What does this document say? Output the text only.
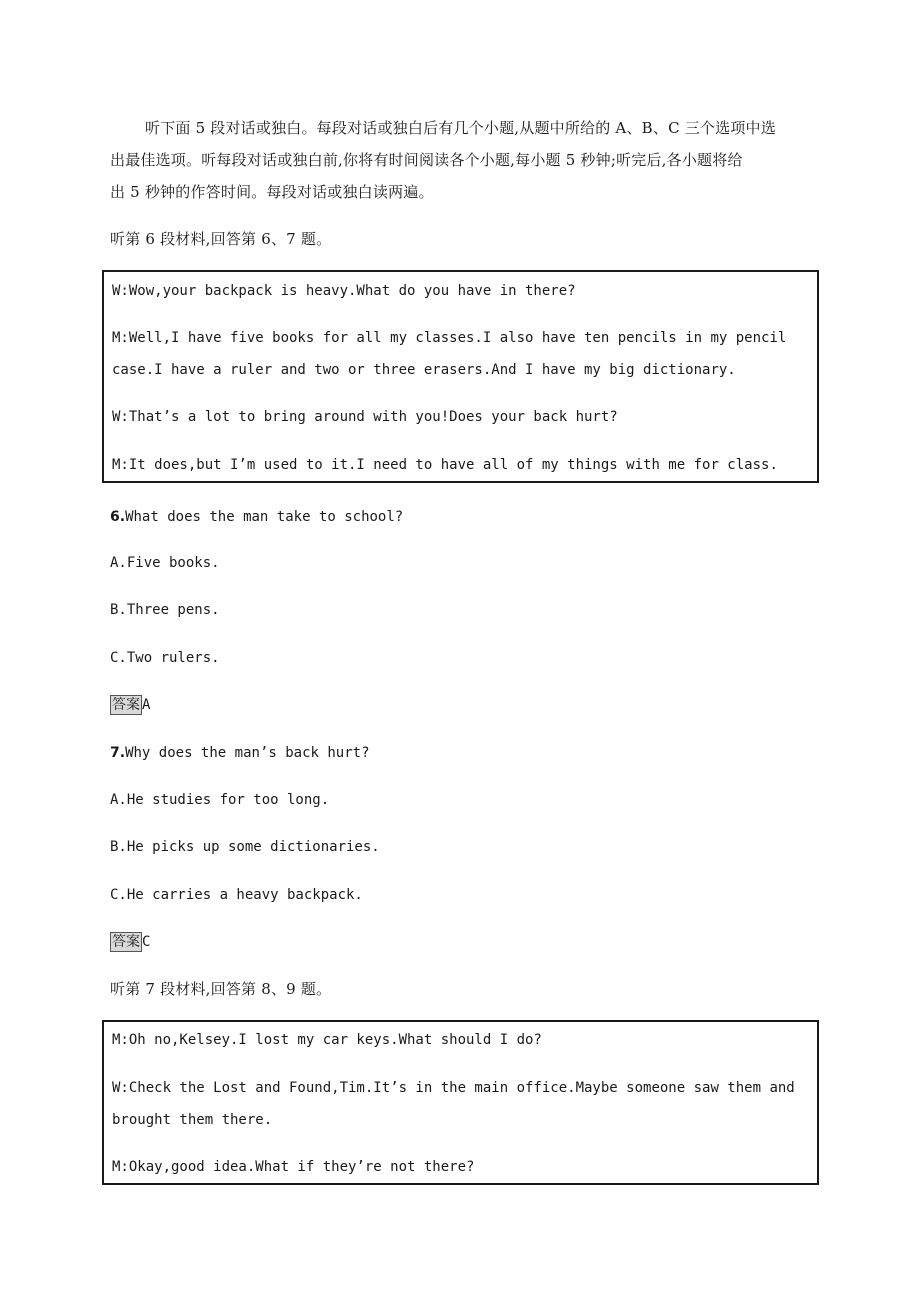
听下面 5 段对话或独白。每段对话或独白后有几个小题,从题中所给的 A、B、C 三个选项中选
出最佳选项。听每段对话或独白前,你将有时间阅读各个小题,每小题 5 秒钟;听完后,各小题将给
出 5 秒钟的作答时间。每段对话或独白读两遍。
听第 6 段材料,回答第 6、7 题。
W:Wow,your backpack is heavy.What do you have in there?
M:Well,I have five books for all my classes.I also have ten pencils in my pencil
case.I have a ruler and two or three erasers.And I have my big dictionary.
W:That’s a lot to bring around with you!Does your back hurt?
M:It does,but I’m used to it.I need to have all of my things with me for class.
6.What does the man take to school?
A.Five books.
B.Three pens.
C.Two rulers.
答案 A
7.Why does the man’s back hurt?
A.He studies for too long.
B.He picks up some dictionaries.
C.He carries a heavy backpack.
答案 C
听第 7 段材料,回答第 8、9 题。
M:Oh no,Kelsey.I lost my car keys.What should I do?
W:Check the Lost and Found,Tim.It’s in the main office.Maybe someone saw them and
brought them there.
M:Okay,good idea.What if they’re not there?
